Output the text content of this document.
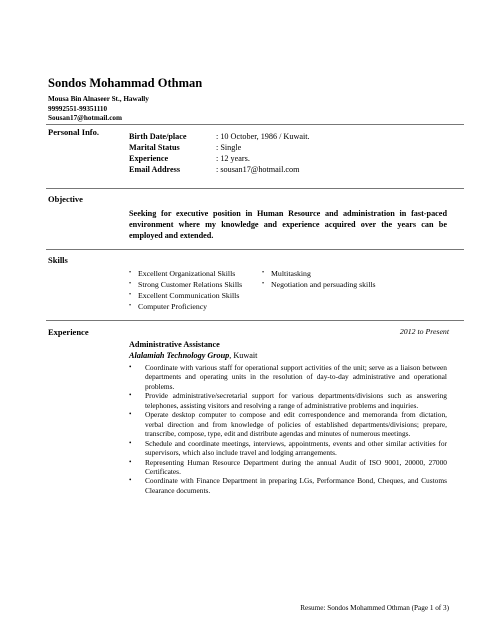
Sondos Mohammad Othman
Mousa Bin Alnaseer St., Hawally
99992551-99351110
Sousan17@hotmail.com
Personal Info.	Birth Date/place	: 10 October, 1986 / Kuwait.
Marital Status	: Single
Experience	: 12 years.
Email Address	: sousan17@hotmail.com
Objective
Seeking for executive position in Human Resource and administration in fast-paced environment where my knowledge and experience acquired over the years can be employed and extended.
Skills
• Excellent Organizational Skills
• Strong Customer Relations Skills
• Excellent Communication Skills
• Computer Proficiency
• Multitasking
• Negotiation and persuading skills
Experience	2012 to Present
Administrative Assistance
Alalamiah Technology Group, Kuwait
• Coordinate with various staff for operational support activities of the unit; serve as a liaison between departments and operating units in the resolution of day-to-day administrative and operational problems.
• Provide administrative/secretarial support for various departments/divisions such as answering telephones, assisting visitors and resolving a range of administrative problems and inquiries.
• Operate desktop computer to compose and edit correspondence and memoranda from dictation, verbal direction and from knowledge of policies of established departments/divisions; prepare, transcribe, compose, type, edit and distribute agendas and minutes of numerous meetings.
• Schedule and coordinate meetings, interviews, appointments, events and other similar activities for supervisors, which also include travel and lodging arrangements.
• Representing Human Resource Department during the annual Audit of ISO 9001, 20000, 27000 Certificates.
• Coordinate with Finance Department in preparing LGs, Performance Bond, Cheques, and Customs Clearance documents.
Resume: Sondos Mohammed Othman (Page 1 of 3)
